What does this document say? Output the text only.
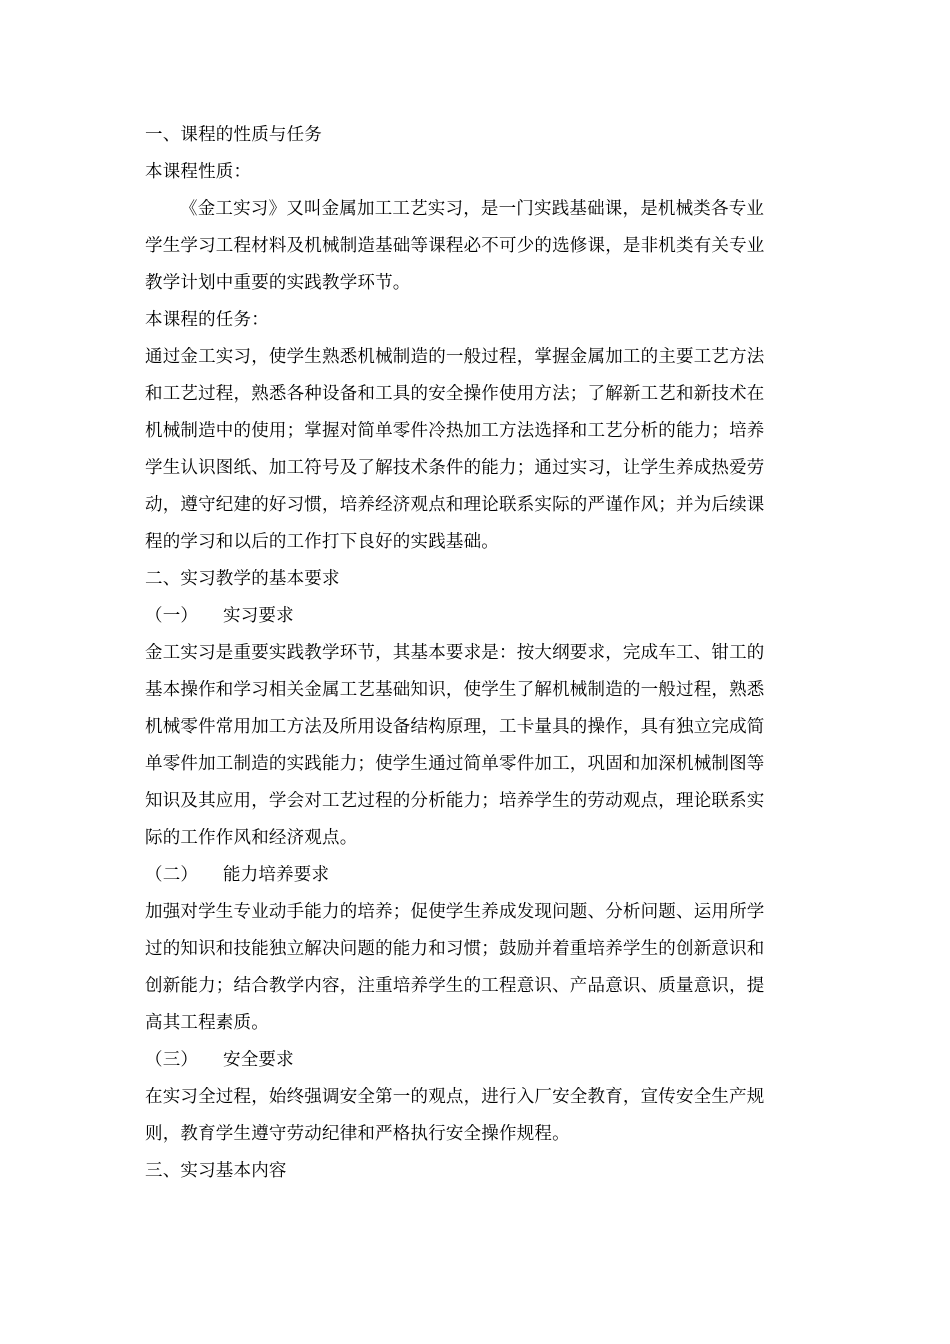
一、课程的性质与任务
本课程性质：
《金工实习》又叫金属加工工艺实习，是一门实践基础课，是机械类各专业
学生学习工程材料及机械制造基础等课程必不可少的选修课，是非机类有关专业
教学计划中重要的实践教学环节。
本课程的任务：
通过金工实习，使学生熟悉机械制造的一般过程，掌握金属加工的主要工艺方法
和工艺过程，熟悉各种设备和工具的安全操作使用方法；了解新工艺和新技术在
机械制造中的使用；掌握对简单零件冷热加工方法选择和工艺分析的能力；培养
学生认识图纸、加工符号及了解技术条件的能力；通过实习，让学生养成热爱劳
动，遵守纪建的好习惯，培养经济观点和理论联系实际的严谨作风；并为后续课
程的学习和以后的工作打下良好的实践基础。
二、实习教学的基本要求
（一） 实习要求
金工实习是重要实践教学环节，其基本要求是：按大纲要求，完成车工、钳工的
基本操作和学习相关金属工艺基础知识，使学生了解机械制造的一般过程，熟悉
机械零件常用加工方法及所用设备结构原理，工卡量具的操作，具有独立完成简
单零件加工制造的实践能力；使学生通过简单零件加工，巩固和加深机械制图等
知识及其应用，学会对工艺过程的分析能力；培养学生的劳动观点，理论联系实
际的工作作风和经济观点。
（二） 能力培养要求
加强对学生专业动手能力的培养；促使学生养成发现问题、分析问题、运用所学
过的知识和技能独立解决问题的能力和习惯；鼓励并着重培养学生的创新意识和
创新能力；结合教学内容，注重培养学生的工程意识、产品意识、质量意识，提
高其工程素质。
（三） 安全要求
在实习全过程，始终强调安全第一的观点，进行入厂安全教育，宣传安全生产规
则，教育学生遵守劳动纪律和严格执行安全操作规程。
三、实习基本内容
